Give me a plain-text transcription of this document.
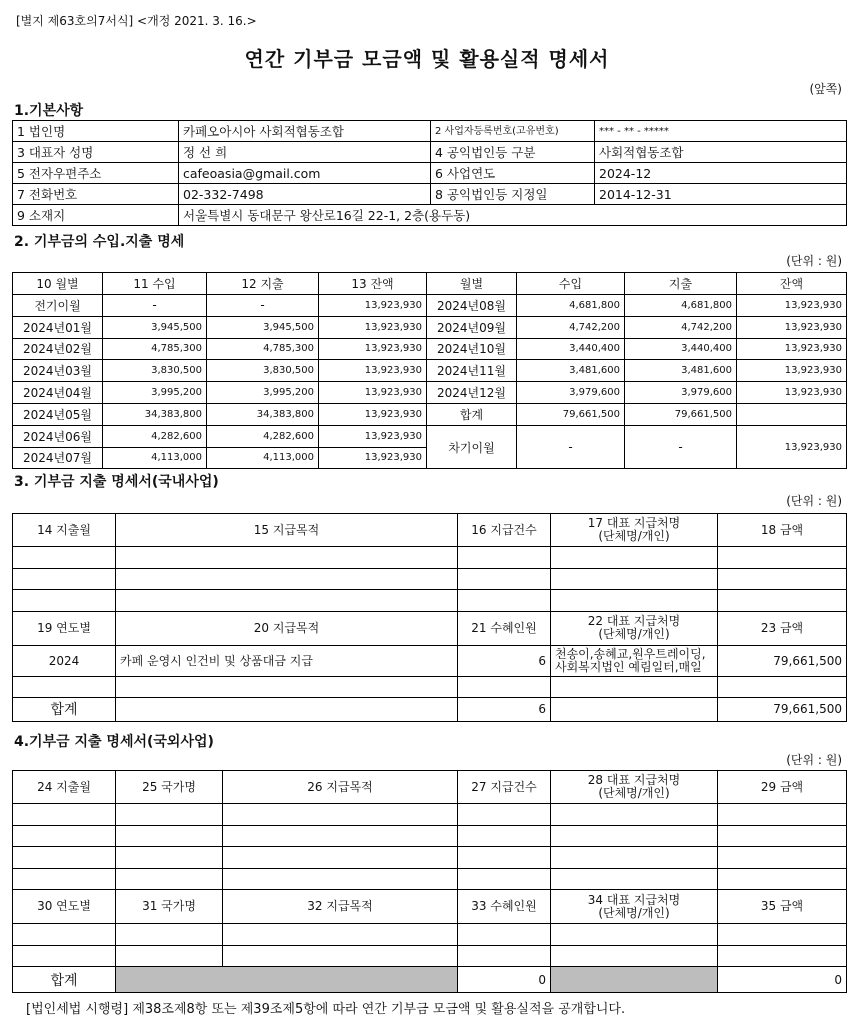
[별지 제63호의7서식] <개정 2021. 3. 16.>
연간 기부금 모금액 및 활용실적 명세서
(앞쪽)
1.기본사항
1 법인명	카페오아시아 사회적협동조합	2 사업자등록번호(고유번호)	*** - ** - *****
3 대표자 성명	정 선 희	4 공익법인등 구분	사회적협동조합
5 전자우편주소	cafeoasia@gmail.com	6 사업연도	2024-12
7 전화번호	02-332-7498	8 공익법인등 지정일	2014-12-31
9 소재지	서울특별시 동대문구 왕산로16길 22-1, 2층(용두동)		
2. 기부금의 수입.지출 명세
(단위 : 원)
10 월별	11 수입	12 지출	13 잔액	월별	수입	지출	잔액
전기이월	-	-	13,923,930	2024년08월	4,681,800	4,681,800	13,923,930
2024년01월	3,945,500	3,945,500	13,923,930	2024년09월	4,742,200	4,742,200	13,923,930
2024년02월	4,785,300	4,785,300	13,923,930	2024년10월	3,440,400	3,440,400	13,923,930
2024년03월	3,830,500	3,830,500	13,923,930	2024년11월	3,481,600	3,481,600	13,923,930
2024년04월	3,995,200	3,995,200	13,923,930	2024년12월	3,979,600	3,979,600	13,923,930
2024년05월	34,383,800	34,383,800	13,923,930	합계	79,661,500	79,661,500	
2024년06월	4,282,600	4,282,600	13,923,930	차기이월	-	-	13,923,930
2024년07월	4,113,000	4,113,000	13,923,930				
3. 기부금 지출 명세서(국내사업)
(단위 : 원)
14 지출월	15 지급목적	16 지급건수	17 대표 지급처명
(단체명/개인)	18 금액

19 연도별	20 지급목적	21 수혜인원	22 대표 지급처명
(단체명/개인)	23 금액
2024	카페 운영시 인건비 및 상품대금 지급	6	천송이,송혜교,원우트레이딩,
사회복지법인 예림일터,매일	79,661,500

합계		6		79,661,500
4.기부금 지출 명세서(국외사업)
(단위 : 원)
24 지출월	25 국가명	26 지급목적	27 지급건수	28 대표 지급처명
(단체명/개인)	29 금액

30 연도별	31 국가명	32 지급목적	33 수혜인원	34 대표 지급처명
(단체명/개인)	35 금액

합계			0		0
[법인세법 시행령] 제38조제8항 또는 제39조제5항에 따라 연간 기부금 모금액 및 활용실적을 공개합니다.
